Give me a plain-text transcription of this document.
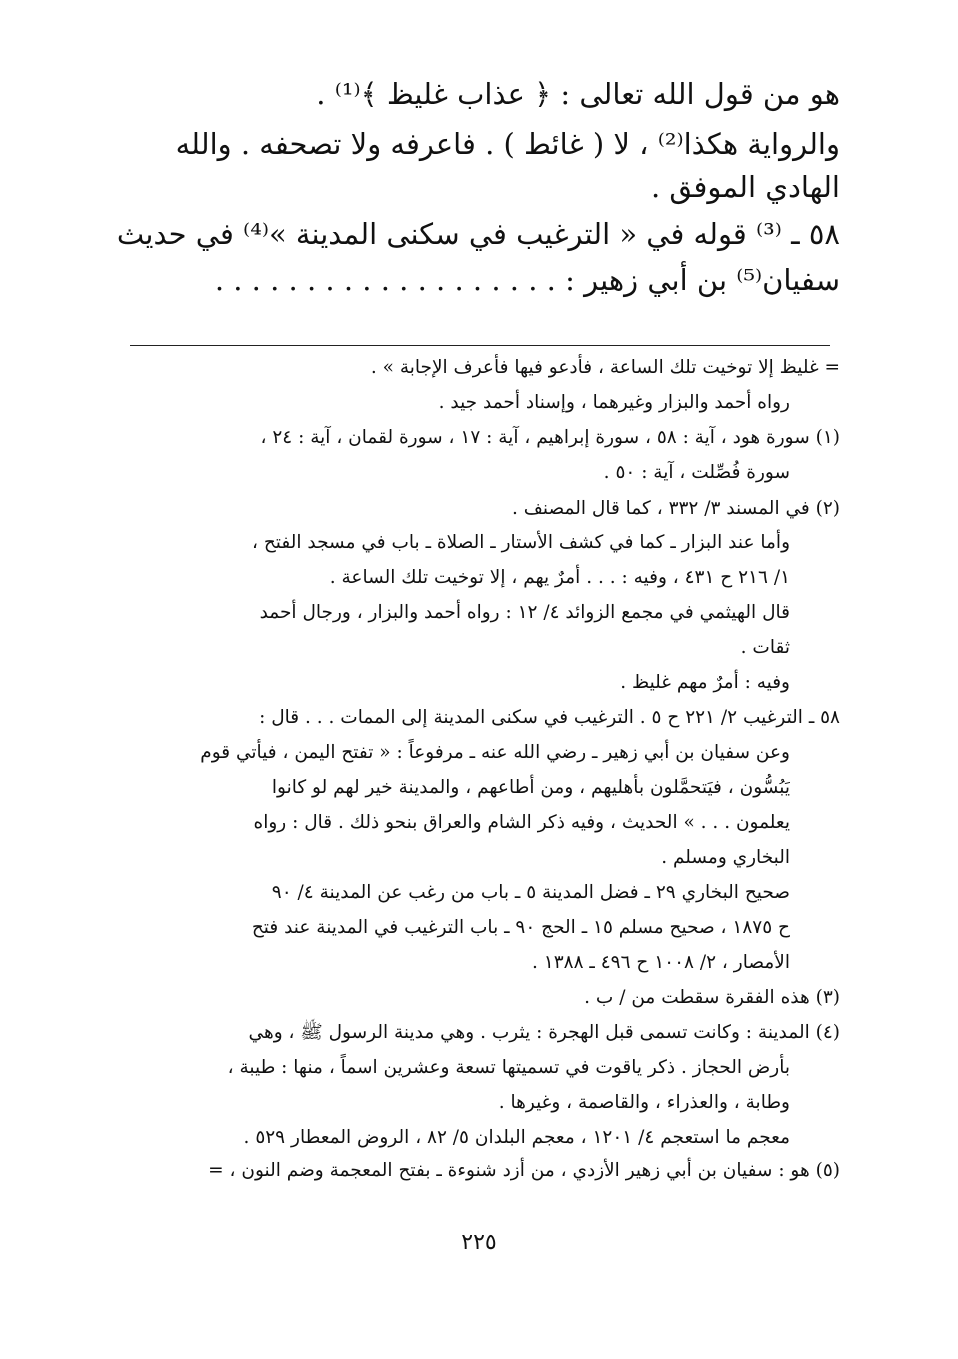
هو من قول الله تعالى : ﴿ عذاب غليظ ﴾⁽¹⁾ .
والرواية هكذا⁽²⁾ ، لا ( غائط ) . فاعرفه ولا تصحفه . والله
الهادي الموفق .
٥٨ ـ ⁽³⁾ قوله في « الترغيب في سكنى المدينة »⁽⁴⁾ في حديث
سفيان⁽⁵⁾ بن أبي زهير : . . . . . . . . . . . . . . . . . . .
= غليظ إلا توخيت تلك الساعة ، فأدعو فيها فأعرف الإجابة » .
رواه أحمد والبزار وغيرهما ، وإسناد أحمد جيد .
(١) سورة هود ، آية : ٥٨ ، سورة إبراهيم ، آية : ١٧ ، سورة لقمان ، آية : ٢٤ ،
سورة فُصِّلت ، آية : ٥٠ .
(٢) في المسند ٣/ ٣٣٢ ، كما قال المصنف .
وأما عند البزار ـ كما في كشف الأستار ـ الصلاة ـ باب في مسجد الفتح ،
١/ ٢١٦ ح ٤٣١ ، وفيه : . . . أمرٌ يهم ، إلا توخيت تلك الساعة .
قال الهيثمي في مجمع الزوائد ٤/ ١٢ : رواه أحمد والبزار ، ورجال أحمد
ثقات .
وفيه : أمرٌ مهم غليظ .
٥٨ ـ الترغيب ٢/ ٢٢١ ح ٥ . الترغيب في سكنى المدينة إلى الممات . . . قال :
وعن سفيان بن أبي زهير ـ رضي الله عنه ـ مرفوعاً : « تفتح اليمن ، فيأتي قوم
يَبُسُّون ، فيَتحمَّلون بأهليهم ، ومن أطاعهم ، والمدينة خير لهم لو كانوا
يعلمون . . . » الحديث ، وفيه ذكر الشام والعراق بنحو ذلك . قال : رواه
البخاري ومسلم .
صحيح البخاري ٢٩ ـ فضل المدينة ٥ ـ باب من رغب عن المدينة ٤/ ٩٠
ح ١٨٧٥ ، صحيح مسلم ١٥ ـ الحج ٩٠ ـ باب الترغيب في المدينة عند فتح
الأمصار ، ٢/ ١٠٠٨ ح ٤٩٦ ـ ١٣٨٨ .
(٣) هذه الفقرة سقطت من / ب .
(٤) المدينة : وكانت تسمى قبل الهجرة : يثرب . وهي مدينة الرسول ﷺ ، وهي
بأرض الحجاز . ذكر ياقوت في تسميتها تسعة وعشرين اسماً ، منها : طيبة ،
وطابة ، والعذراء ، والقاصمة ، وغيرها .
معجم ما استعجم ٤/ ١٢٠١ ، معجم البلدان ٥/ ٨٢ ، الروض المعطار ٥٢٩ .
(٥) هو : سفيان بن أبي زهير الأزدي ، من أزد شنوءة ـ بفتح المعجمة وضم النون ، =
٢٢٥
